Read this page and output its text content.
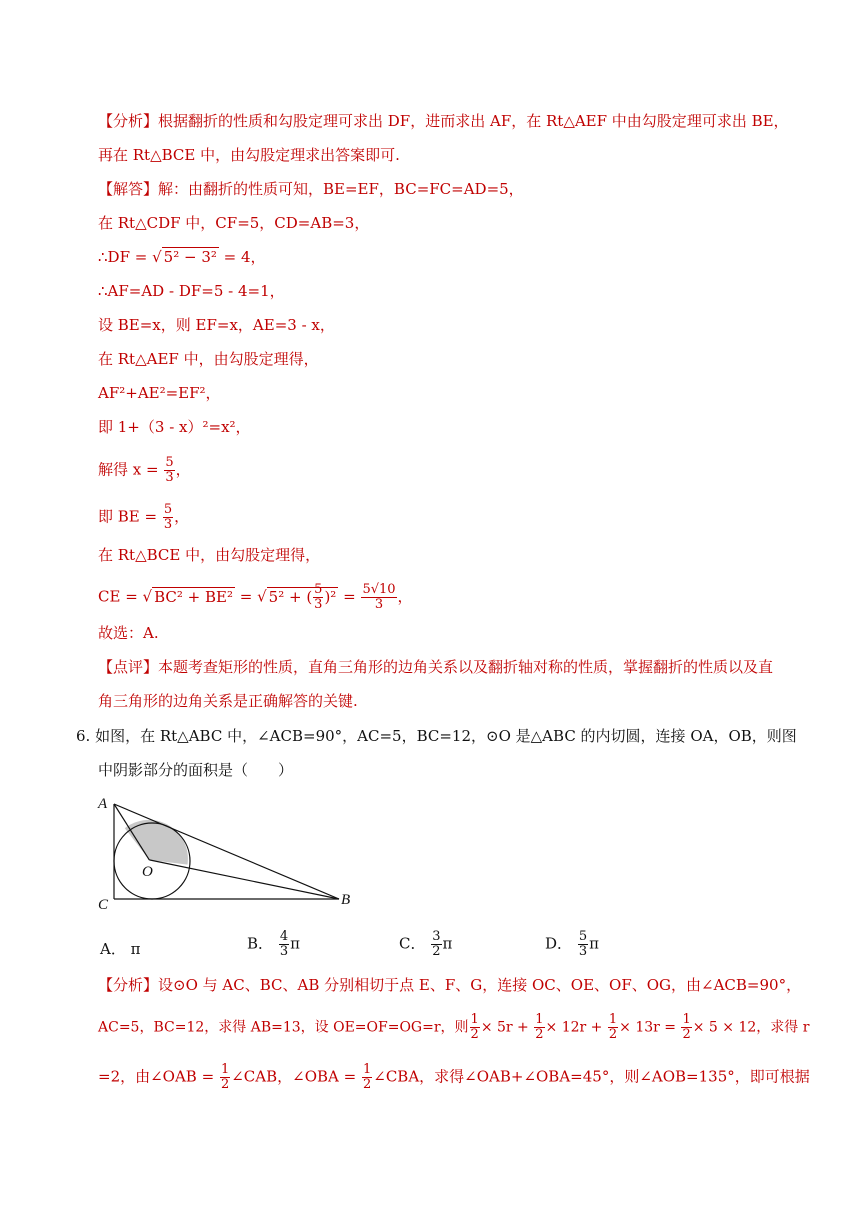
【分析】根据翻折的性质和勾股定理可求出 DF，进而求出 AF，在 Rt△AEF 中由勾股定理可求出 BE，
再在 Rt△BCE 中，由勾股定理求出答案即可.
【解答】解：由翻折的性质可知，BE=EF，BC=FC=AD=5，
在 Rt△CDF 中，CF=5，CD=AB=3，
∴DF = √ 5² − 3² = 4，
∴AF=AD - DF=5 - 4=1，
设 BE=x，则 EF=x，AE=3 - x，
在 Rt△AEF 中，由勾股定理得，
AF²+AE²=EF²，
即 1+（3 - x）²=x²，
解得 $x = \frac{5}{3}$ ，
即 BE = $\frac{5}{3}$ ，
在 Rt△BCE 中，由勾股定理得，
CE = √ BC² + BE² = √ 5² + ( $\frac{5}{3} )^2 = \frac{5√10}{3}$ ，
故选：A.
【点评】本题考查矩形的性质，直角三角形的边角关系以及翻折轴对称的性质，掌握翻折的性质以及直
角三角形的边角关系是正确解答的关键.
6. 如图，在 Rt△ABC 中，∠ACB=90°，AC=5，BC=12，⊙O 是△ABC 的内切圆，连接 OA，OB，则图
中阴影部分的面积是（　　）
A
C	B
O
A． π	B． $\frac{4}{3}$ π	C． $\frac{3}{2}$ π	D． $\frac{5}{3}$ π
【分析】设⊙O 与 AC、BC、AB 分别相切于点 E、F、G，连接 OC、OE、OF、OG，由∠ACB=90°，
AC=5，BC=12，求得 AB=13，设 OE=OF=OG=r，则 $\frac{1}{2} \times 5r + \frac{1}{2} \times 12r + \frac{1}{2} \times 13r = \frac{1}{2} \times 5 \times 12$，求得 r
=2，由∠OAB = $\frac{1}{2}$ ∠CAB，∠OBA = $\frac{1}{2}$ ∠CBA，求得∠OAB+∠OBA=45°，则∠AOB=135°，即可根据
